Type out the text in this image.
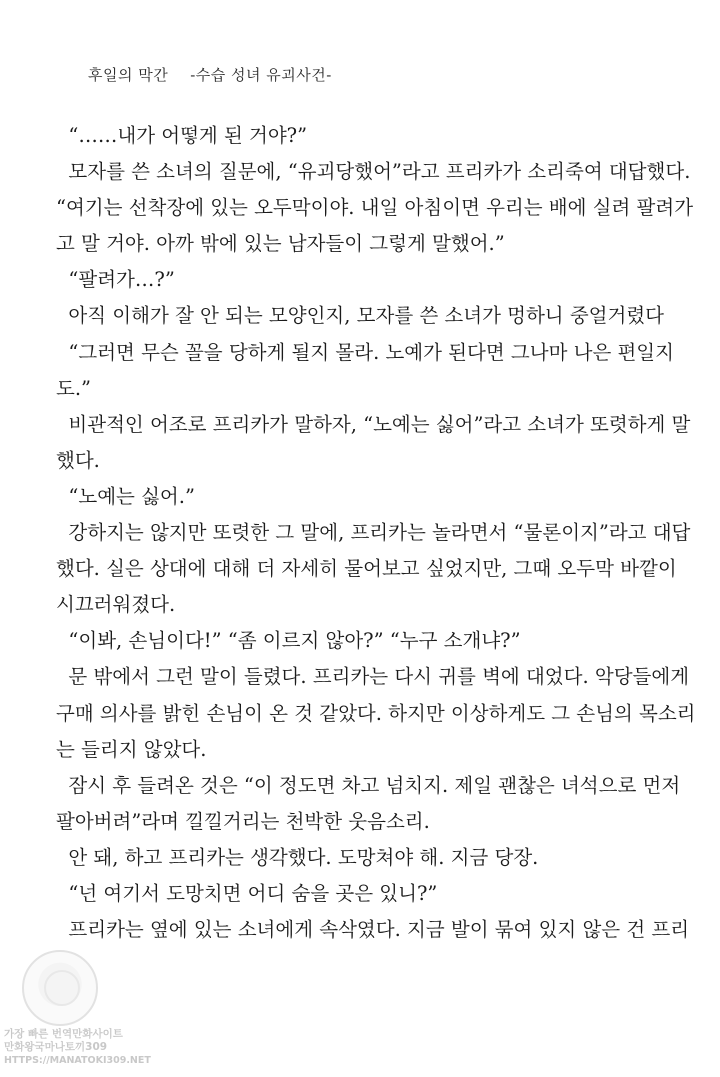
후일의 막간 -수습 성녀 유괴사건-
“……내가 어떻게 된 거야?”
모자를 쓴 소녀의 질문에, “유괴당했어”라고 프리카가 소리죽여 대답했다.
“여기는 선착장에 있는 오두막이야. 내일 아침이면 우리는 배에 실려 팔려가
고 말 거야. 아까 밖에 있는 남자들이 그렇게 말했어.”
“팔려가…?”
아직 이해가 잘 안 되는 모양인지, 모자를 쓴 소녀가 멍하니 중얼거렸다
“그러면 무슨 꼴을 당하게 될지 몰라. 노예가 된다면 그나마 나은 편일지
도.”
비관적인 어조로 프리카가 말하자, “노예는 싫어”라고 소녀가 또렷하게 말
했다.
“노예는 싫어.”
강하지는 않지만 또렷한 그 말에, 프리카는 놀라면서 “물론이지”라고 대답
했다. 실은 상대에 대해 더 자세히 물어보고 싶었지만, 그때 오두막 바깥이
시끄러워졌다.
“이봐, 손님이다!” “좀 이르지 않아?” “누구 소개냐?”
문 밖에서 그런 말이 들렸다. 프리카는 다시 귀를 벽에 대었다. 악당들에게
구매 의사를 밝힌 손님이 온 것 같았다. 하지만 이상하게도 그 손님의 목소리
는 들리지 않았다.
잠시 후 들려온 것은 “이 정도면 차고 넘치지. 제일 괜찮은 녀석으로 먼저
팔아버려”라며 낄낄거리는 천박한 웃음소리.
안 돼, 하고 프리카는 생각했다. 도망쳐야 해. 지금 당장.
“넌 여기서 도망치면 어디 숨을 곳은 있니?”
프리카는 옆에 있는 소녀에게 속삭였다. 지금 발이 묶여 있지 않은 건 프리
가장 빠른 번역만화사이트
만화왕국마나토끼309
HTTPS://MANATOKI309.NET
